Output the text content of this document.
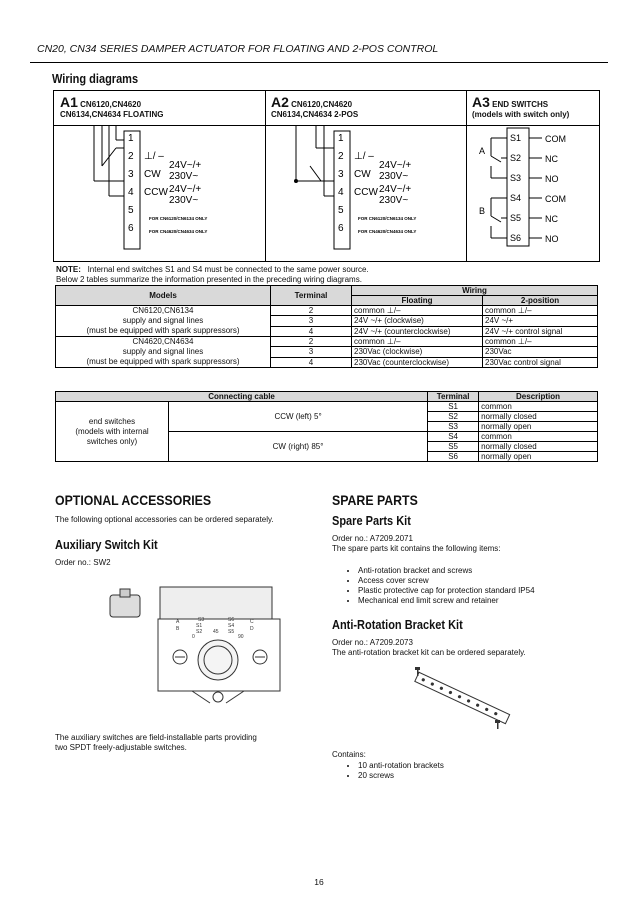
CN20, CN34 SERIES DAMPER ACTUATOR FOR FLOATING AND 2-POS CONTROL
Wiring diagrams
A1 CN6120,CN4620
CN6134,CN4634 FLOATING
A2 CN6120,CN4620
CN6134,CN4634 2-POS
A3 END SWITCHS
(models with switch only)
1
2
3
4
5
6
⊥/ –
CW
CCW
24V~/+
230V~
24V~/+
230V~
FOR CN6120/CN6134 ONLY
FOR CN4620/CN4634 ONLY
1
2
3
4
5
6
⊥/ –
CW
CCW
24V~/+
230V~
24V~/+
230V~
FOR CN6120/CN6134 ONLY
FOR CN4620/CN4634 ONLY
S1
S2
S3
S4
S5
S6
COM
NC
NO
COM
NC
NO
A
B
NOTE: Internal end switches S1 and S4 must be connected to the same power source.
Below 2 tables summarize the information presented in the preceding wiring diagrams.
Models	Terminal	Wiring	
		Floating	2-position
CN6120,CN6134
supply and signal lines
(must be equipped with spark suppressors)	2	common ⊥/–	common ⊥/–
	3	24V ~/+ (clockwise)	24V ~/+
	4	24V ~/+ (counterclockwise)	24V ~/+ control signal
CN4620,CN4634
supply and signal lines
(must be equipped with spark suppressors)	2	common ⊥/–	common ⊥/–
	3	230Vac (clockwise)	230Vac
	4	230Vac (counterclockwise)	230Vac control signal
Connecting cable		Terminal	Description
end switches
(models with internal
switches only)	CCW (left) 5°	S1	common
		S2	normally closed
		S3	normally open
	CW (right) 85°	S4	common
		S5	normally closed
		S6	normally open
OPTIONAL ACCESSORIES
The following optional accessories can be ordered separately.
Auxiliary Switch Kit
Order no.: SW2
S3
S1
S2
S6
S4
S5
A
B
C
D
45
0	90
The auxiliary switches are field-installable parts providing
two SPDT freely-adjustable switches.
SPARE PARTS
Spare Parts Kit
Order no.: A7209.2071
The spare parts kit contains the following items:
• Anti-rotation bracket and screws
• Access cover screw
• Plastic protective cap for protection standard IP54
• Mechanical end limit screw and retainer
Anti-Rotation Bracket Kit
Order no.: A7209.2073
The anti-rotation bracket kit can be ordered separately.
Contains:
• 10 anti-rotation brackets
• 20 screws
16
